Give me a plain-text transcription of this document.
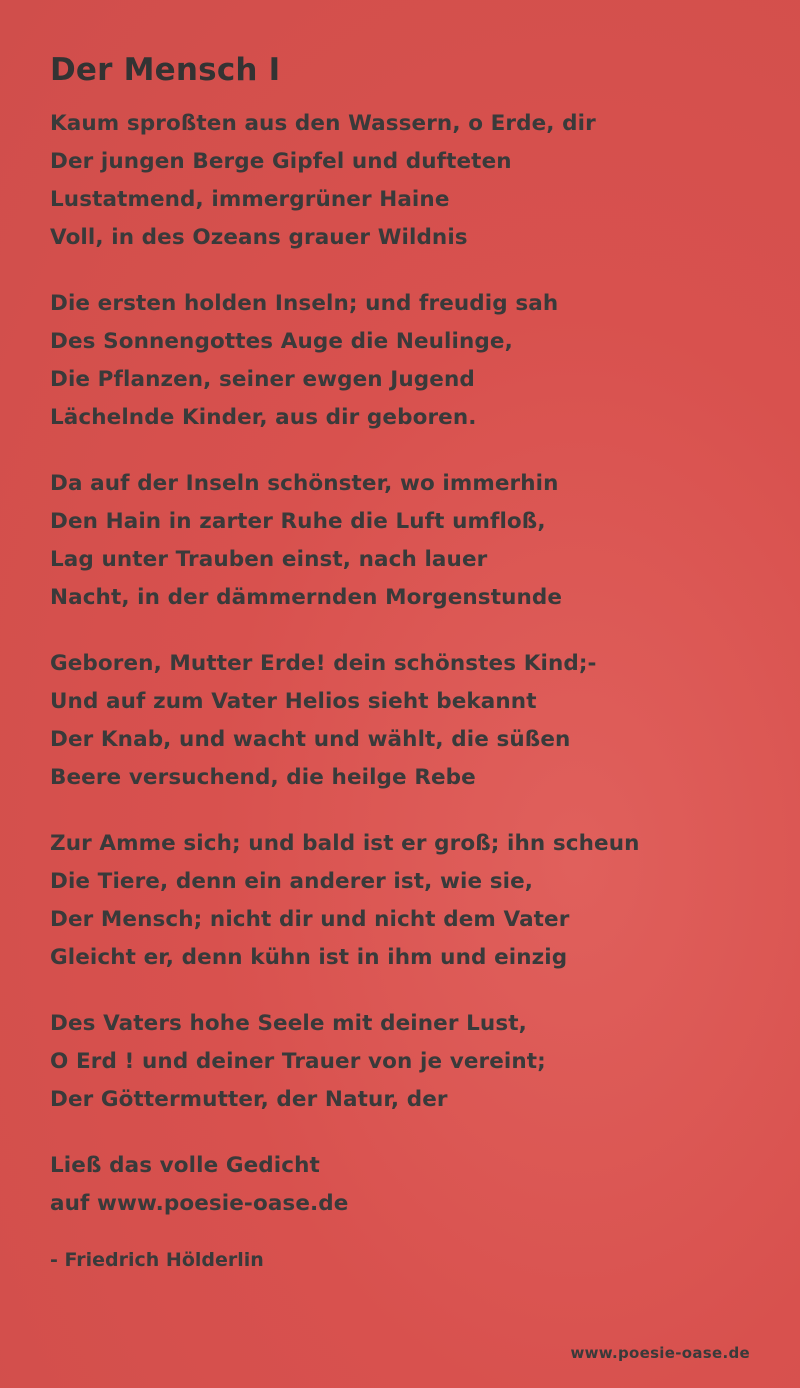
Der Mensch I
Kaum sproßten aus den Wassern, o Erde, dir
Der jungen Berge Gipfel und dufteten
Lustatmend, immergrüner Haine
Voll, in des Ozeans grauer Wildnis
Die ersten holden Inseln; und freudig sah
Des Sonnengottes Auge die Neulinge,
Die Pflanzen, seiner ewgen Jugend
Lächelnde Kinder, aus dir geboren.
Da auf der Inseln schönster, wo immerhin
Den Hain in zarter Ruhe die Luft umfloß,
Lag unter Trauben einst, nach lauer
Nacht, in der dämmernden Morgenstunde
Geboren, Mutter Erde! dein schönstes Kind;-
Und auf zum Vater Helios sieht bekannt
Der Knab, und wacht und wählt, die süßen
Beere versuchend, die heilge Rebe
Zur Amme sich; und bald ist er groß; ihn scheun
Die Tiere, denn ein anderer ist, wie sie,
Der Mensch; nicht dir und nicht dem Vater
Gleicht er, denn kühn ist in ihm und einzig
Des Vaters hohe Seele mit deiner Lust,
O Erd ! und deiner Trauer von je vereint;
Der Göttermutter, der Natur, der
Ließ das volle Gedicht
auf www.poesie-oase.de
- Friedrich Hölderlin
www.poesie-oase.de
